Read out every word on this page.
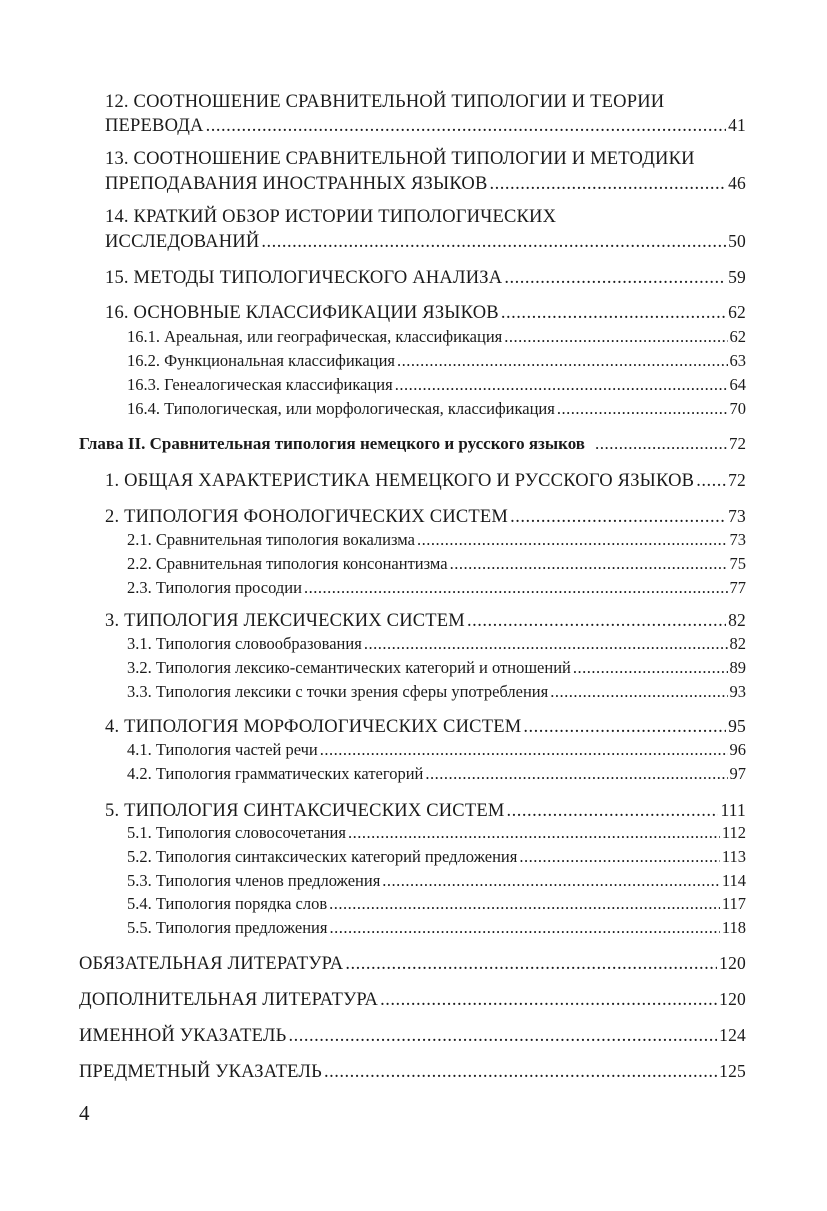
12. СООТНОШЕНИЕ СРАВНИТЕЛЬНОЙ ТИПОЛОГИИ И ТЕОРИИ
ПЕРЕВОДА .....	41
13. СООТНОШЕНИЕ СРАВНИТЕЛЬНОЙ ТИПОЛОГИИ И МЕТОДИКИ
ПРЕПОДАВАНИЯ ИНОСТРАННЫХ ЯЗЫКОВ .....	46
14. КРАТКИЙ ОБЗОР ИСТОРИИ ТИПОЛОГИЧЕСКИХ
ИССЛЕДОВАНИЙ .....	50
15. МЕТОДЫ ТИПОЛОГИЧЕСКОГО АНАЛИЗА .....	59
16. ОСНОВНЫЕ КЛАССИФИКАЦИИ ЯЗЫКОВ .....	62
16.1. Ареальная, или географическая, классификация .....	62
16.2. Функциональная классификация .....	63
16.3. Генеалогическая классификация .....	64
16.4. Типологическая, или морфологическая, классификация .....	70
Глава II. Сравнительная типология немецкого и русского языков .....	72
1. ОБЩАЯ ХАРАКТЕРИСТИКА НЕМЕЦКОГО И РУССКОГО ЯЗЫКОВ ..... 72
2. ТИПОЛОГИЯ ФОНОЛОГИЧЕСКИХ СИСТЕМ .....	73
2.1. Сравнительная типология вокализма .....	73
2.2. Сравнительная типология консонантизма .....	75
2.3. Типология просодии .....	77
3. ТИПОЛОГИЯ ЛЕКСИЧЕСКИХ СИСТЕМ .....	82
3.1. Типология словообразования .....	82
3.2. Типология лексико-семантических категорий и отношений .....	89
3.3. Типология лексики с точки зрения сферы употребления .....	93
4. ТИПОЛОГИЯ МОРФОЛОГИЧЕСКИХ СИСТЕМ .....	95
4.1. Типология частей речи .....	96
4.2. Типология грамматических категорий .....	97
5. ТИПОЛОГИЯ СИНТАКСИЧЕСКИХ СИСТЕМ .....	111
5.1. Типология словосочетания .....	112
5.2. Типология синтаксических категорий предложения .....	113
5.3. Типология членов предложения .....	114
5.4. Типология порядка слов .....	117
5.5. Типология предложения .....	118
ОБЯЗАТЕЛЬНАЯ ЛИТЕРАТУРА .....	120
ДОПОЛНИТЕЛЬНАЯ ЛИТЕРАТУРА .....	120
ИМЕННОЙ УКАЗАТЕЛЬ .....	124
ПРЕДМЕТНЫЙ УКАЗАТЕЛЬ .....	125
4
